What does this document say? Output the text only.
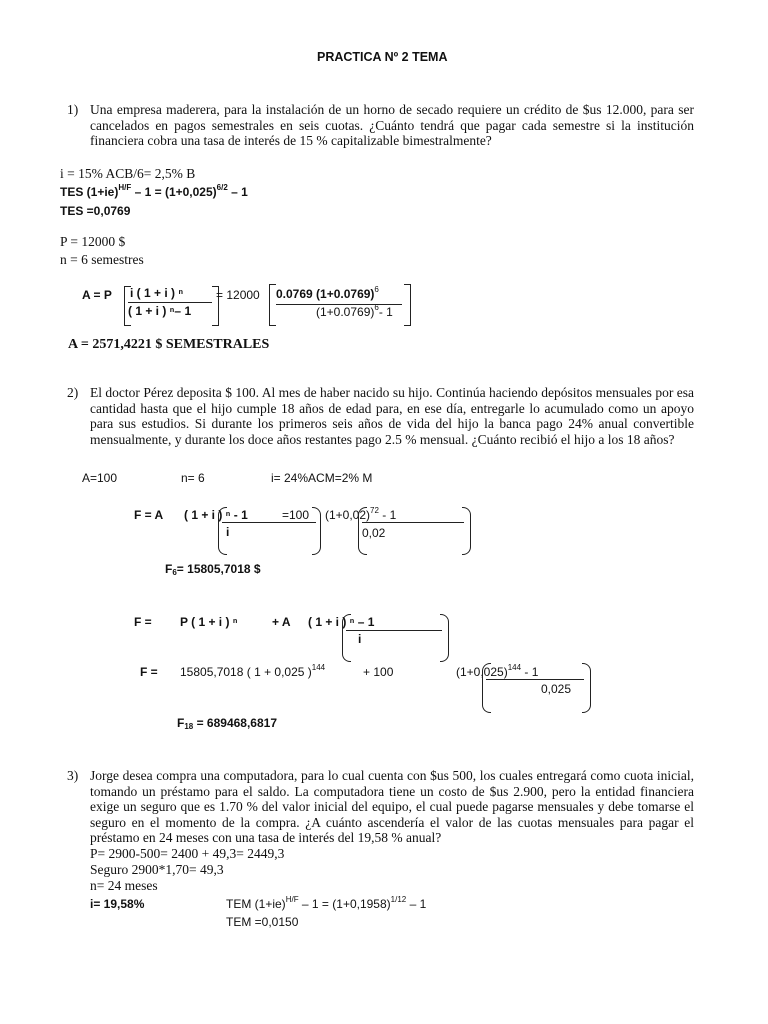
PRACTICA Nº 2 TEMA
1) Una empresa maderera, para la instalación de un horno de secado requiere un crédito de $us 12.000, para ser cancelados en pagos semestrales en seis cuotas. ¿Cuánto tendrá que pagar cada semestre si la institución financiera cobra una tasa de interés de 15 % capitalizable bimestralmente?
i = 15% ACB/6= 2,5% B
TES $(1+ie)^{H/F} - 1 = (1+0,025)^{6/2} - 1$
TES =0,0769
P = 12000 $
n = 6 semestres
A = P i ( 1 + i ) ⁿ
( 1 + i ) ⁿ– 1
= 12000 0.0769 $(1+0.0769)^6$
$(1+0.0769)^6-$ 1
A = 2571,4221 $ SEMESTRALES
2) El doctor Pérez deposita $ 100. Al mes de haber nacido su hijo. Continúa haciendo depósitos mensuales por esa cantidad hasta que el hijo cumple 18 años de edad para, en ese día, entregarle lo acumulado como un apoyo para sus estudios. Si durante los primeros seis años de vida del hijo la banca pago 24% anual convertible mensualmente, y durante los doce años restantes pago 2.5 % mensual. ¿Cuánto recibió el hijo a los 18 años?
A=100	n= 6	i= 24%ACM=2% M
F = A ( 1 + i ) ⁿ - 1	=100
i
$(1+0,02)^{72} - 1$
0,02
$F_6= 15805,7018$ $
F = P ( 1 + i ) ⁿ	+ A ( 1 + i ) ⁿ – 1
i
F = 15805,7018 ( 1 + 0,025 )$^{144}$	+ 100	$(1+0,025)^{144} - 1$
0,025
$F_{18} = 689468,6817$
3) Jorge desea compra una computadora, para lo cual cuenta con $us 500, los cuales entregará como cuota inicial, tomando un préstamo para el saldo. La computadora tiene un costo de $us 2.900, pero la entidad financiera exige un seguro que es 1.70 % del valor inicial del equipo, el cual puede pagarse mensuales y debe tomarse el seguro en el momento de la compra. ¿A cuánto ascendería el valor de las cuotas mensuales para pagar el préstamo en 24 meses con una tasa de interés del 19,58 % anual?
P= 2900-500= 2400 + 49,3= 2449,3
Seguro 2900*1,70= 49,3
n= 24 meses
i= 19,58%	TEM $(1+ie)^{H/F} - 1 = (1+0,1958)^{1/12} - 1$
TEM =0,0150
